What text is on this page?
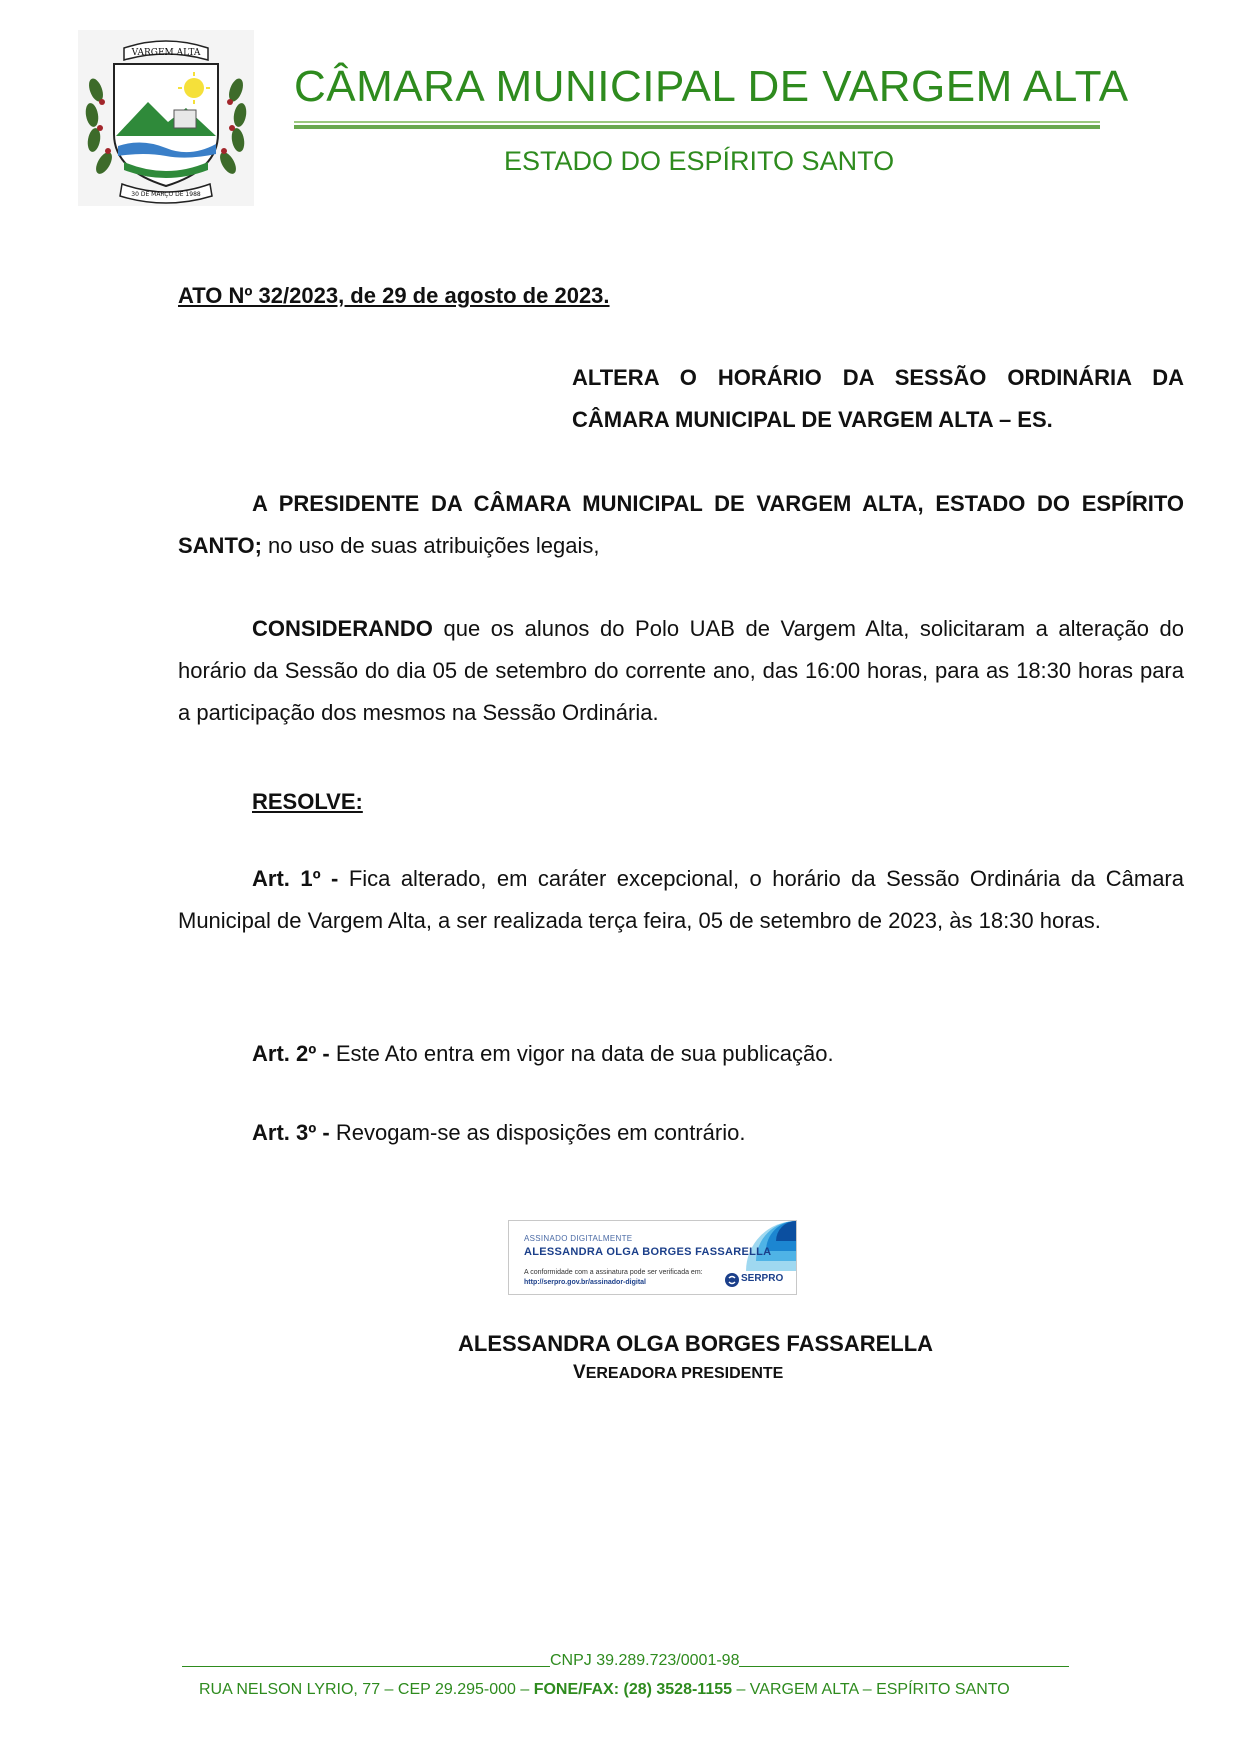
VARGEM ALTA
30 DE MARÇO DE 1988
CÂMARA MUNICIPAL DE VARGEM ALTA
ESTADO DO ESPÍRITO SANTO
ATO Nº 32/2023, de 29 de agosto de 2023.
ALTERA O HORÁRIO DA SESSÃO ORDINÁRIA DA CÂMARA MUNICIPAL DE VARGEM ALTA – ES.
A PRESIDENTE DA CÂMARA MUNICIPAL DE VARGEM ALTA, ESTADO DO ESPÍRITO SANTO; no uso de suas atribuições legais,
CONSIDERANDO que os alunos do Polo UAB de Vargem Alta, solicitaram a alteração do horário da Sessão do dia 05 de setembro do corrente ano, das 16:00 horas, para as 18:30 horas para a participação dos mesmos na Sessão Ordinária.
RESOLVE:
Art. 1º - Fica alterado, em caráter excepcional, o horário da Sessão Ordinária da Câmara Municipal de Vargem Alta, a ser realizada terça feira, 05 de setembro de 2023, às 18:30 horas.
Art. 2º - Este Ato entra em vigor na data de sua publicação.
Art. 3º - Revogam-se as disposições em contrário.
ASSINADO DIGITALMENTE
ALESSANDRA OLGA BORGES FASSARELLA
A conformidade com a assinatura pode ser verificada em:
http://serpro.gov.br/assinador-digital	SERPRO
ALESSANDRA OLGA BORGES FASSARELLA
VEREADORA PRESIDENTE
CNPJ 39.289.723/0001-98
RUA NELSON LYRIO, 77 – CEP 29.295-000 – FONE/FAX: (28) 3528-1155 – VARGEM ALTA – ESPÍRITO SANTO
